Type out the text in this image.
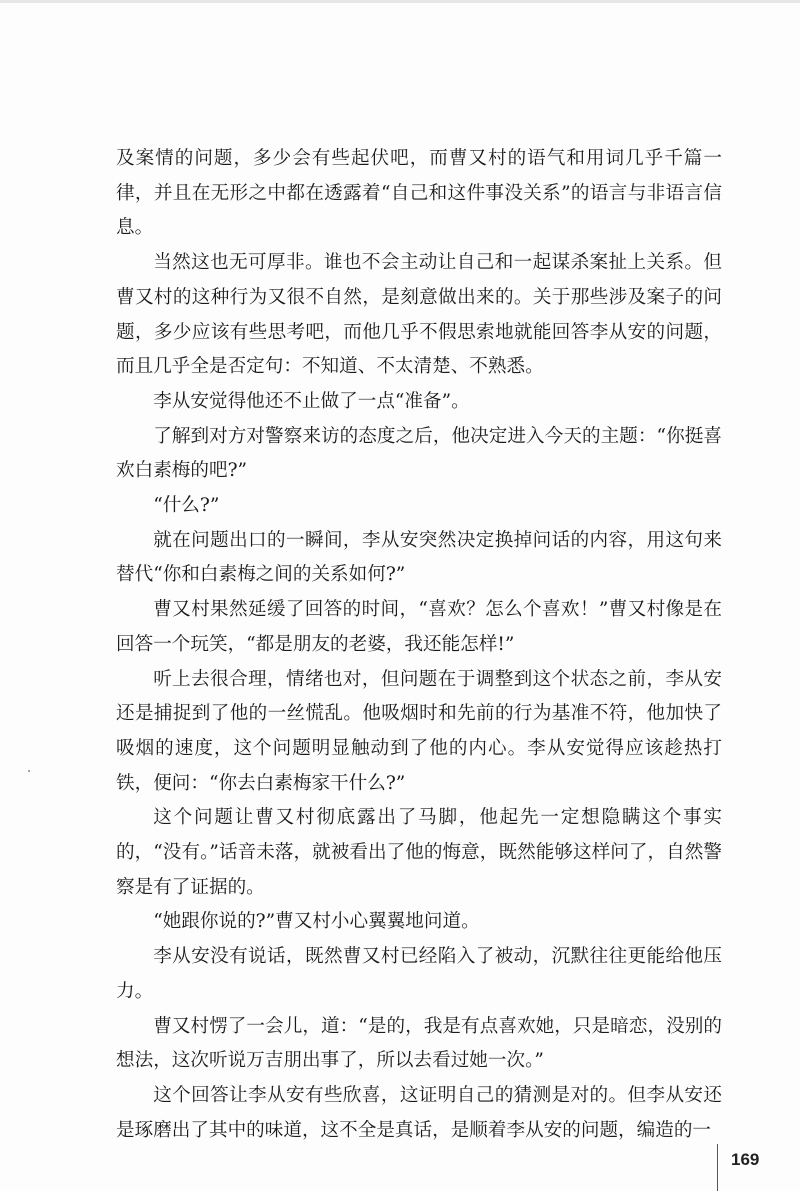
及案情的问题，多少会有些起伏吧，而曹又村的语气和用词几乎千篇一律，并且在无形之中都在透露着“自己和这件事没关系”的语言与非语言信息。

当然这也无可厚非。谁也不会主动让自己和一起谋杀案扯上关系。但曹又村的这种行为又很不自然，是刻意做出来的。关于那些涉及案子的问题，多少应该有些思考吧，而他几乎不假思索地就能回答李从安的问题，而且几乎全是否定句：不知道、不太清楚、不熟悉。

李从安觉得他还不止做了一点“准备”。

了解到对方对警察来访的态度之后，他决定进入今天的主题：“你挺喜欢白素梅的吧?”

“什么?”

就在问题出口的一瞬间，李从安突然决定换掉问话的内容，用这句来替代“你和白素梅之间的关系如何?”

曹又村果然延缓了回答的时间，“喜欢？怎么个喜欢！”曹又村像是在回答一个玩笑，“都是朋友的老婆，我还能怎样!”

听上去很合理，情绪也对，但问题在于调整到这个状态之前，李从安还是捕捉到了他的一丝慌乱。他吸烟时和先前的行为基准不符，他加快了吸烟的速度，这个问题明显触动到了他的内心。李从安觉得应该趁热打铁，便问：“你去白素梅家干什么?”

这个问题让曹又村彻底露出了马脚，他起先一定想隐瞒这个事实的，“没有。”话音未落，就被看出了他的悔意，既然能够这样问了，自然警察是有了证据的。

“她跟你说的?”曹又村小心翼翼地问道。

李从安没有说话，既然曹又村已经陷入了被动，沉默往往更能给他压力。

曹又村愣了一会儿，道：“是的，我是有点喜欢她，只是暗恋，没别的想法，这次听说万吉朋出事了，所以去看过她一次。”

这个回答让李从安有些欣喜，这证明自己的猜测是对的。但李从安还是琢磨出了其中的味道，这不全是真话，是顺着李从安的问题，编造的一

169
